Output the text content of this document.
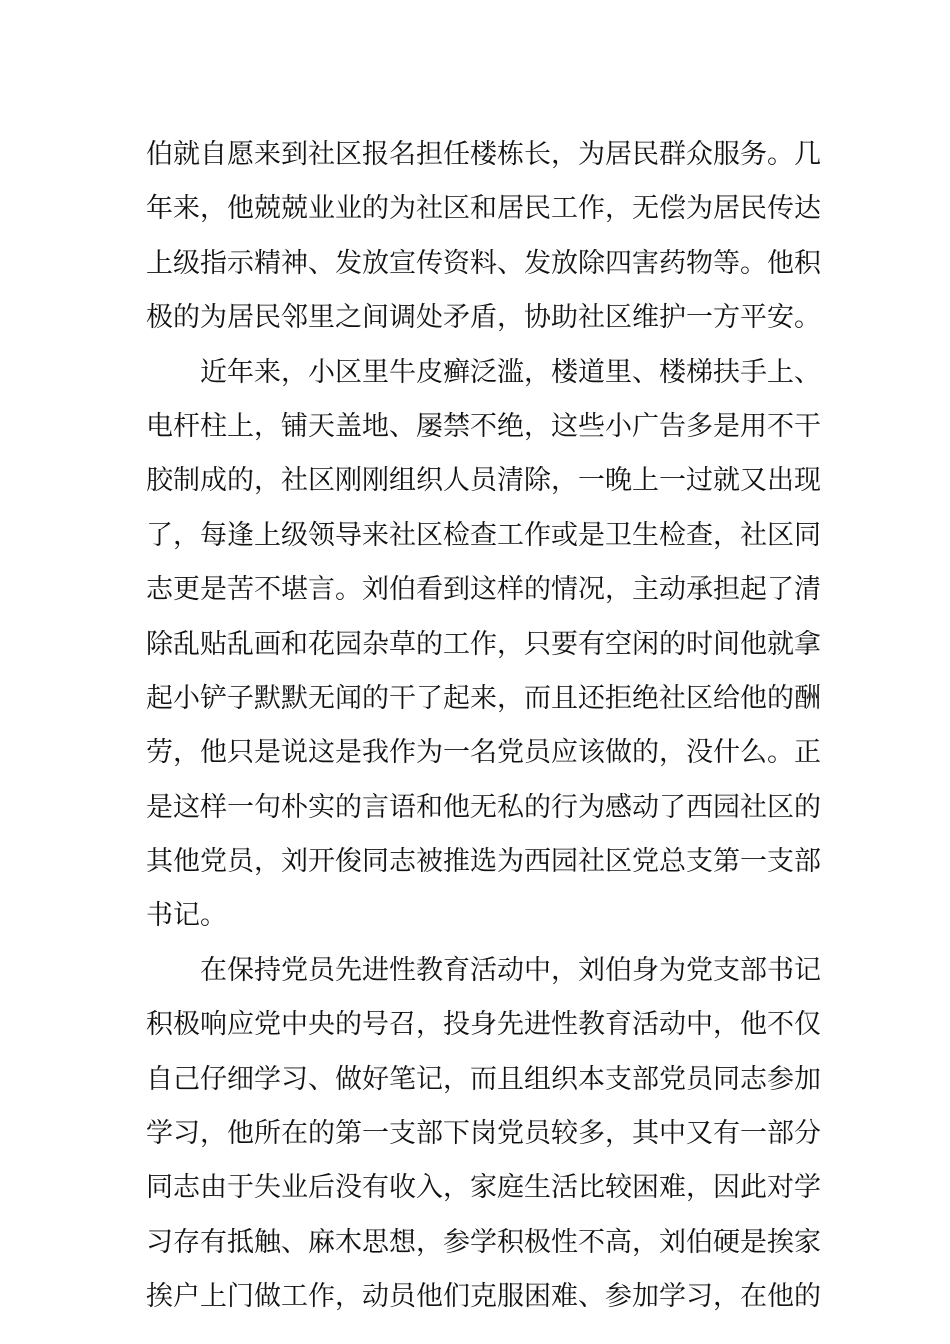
伯就自愿来到社区报名担任楼栋长，为居民群众服务。几
年来，他兢兢业业的为社区和居民工作，无偿为居民传达
上级指示精神、发放宣传资料、发放除四害药物等。他积
极的为居民邻里之间调处矛盾，协助社区维护一方平安。
近年来，小区里牛皮癣泛滥，楼道里、楼梯扶手上、
电杆柱上，铺天盖地、屡禁不绝，这些小广告多是用不干
胶制成的，社区刚刚组织人员清除，一晚上一过就又出现
了，每逢上级领导来社区检查工作或是卫生检查，社区同
志更是苦不堪言。刘伯看到这样的情况，主动承担起了清
除乱贴乱画和花园杂草的工作，只要有空闲的时间他就拿
起小铲子默默无闻的干了起来，而且还拒绝社区给他的酬
劳，他只是说这是我作为一名党员应该做的，没什么。正
是这样一句朴实的言语和他无私的行为感动了西园社区的
其他党员，刘开俊同志被推选为西园社区党总支第一支部
书记。
在保持党员先进性教育活动中，刘伯身为党支部书记
积极响应党中央的号召，投身先进性教育活动中，他不仅
自己仔细学习、做好笔记，而且组织本支部党员同志参加
学习，他所在的第一支部下岗党员较多，其中又有一部分
同志由于失业后没有收入，家庭生活比较困难，因此对学
习存有抵触、麻木思想，参学积极性不高，刘伯硬是挨家
挨户上门做工作，动员他们克服困难、参加学习，在他的
